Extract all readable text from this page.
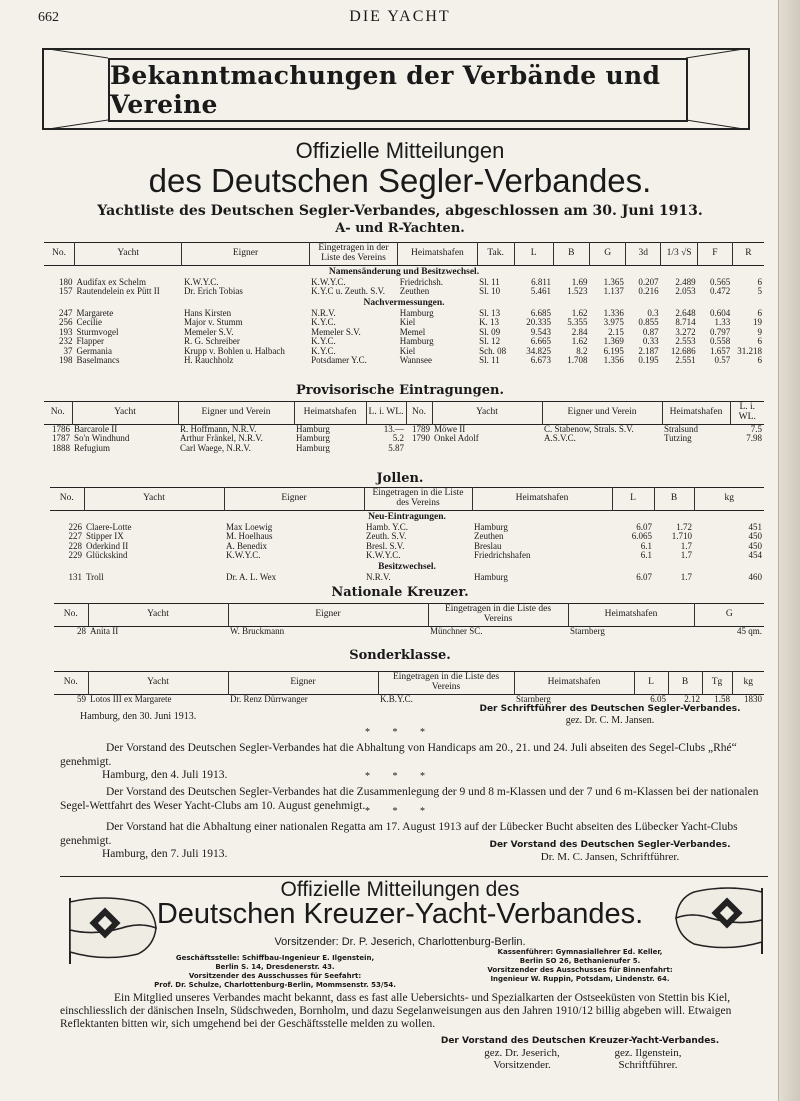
662	DIE YACHT
Bekanntmachungen der Verbände und Vereine
Offizielle Mitteilungen
des Deutschen Segler-Verbandes.
Yachtliste des Deutschen Segler-Verbandes, abgeschlossen am 30. Juni 1913.
A- und R-Yachten.
No.	Yacht	Eigner	Eingetragen in der Liste des Vereins	Heimatshafen	Tak.	L	B	G	3d	1/3 √S	F	R
Namensänderung und Besitzwechsel.												
180	Audifax ex Schelm	K.W.Y.C.	K.W.Y.C.	Friedrichsh.	Sl. 11	6.811	1.69	1.365	0.207	2.489	0.565	6
157	Rautendelein ex Pütt II	Dr. Erich Tobias	K.Y.C u. Zeuth. S.V.	Zeuthen	Sl. 10	5.461	1.523	1.137	0.216	2.053	0.472	5
Nachvermessungen.												
247	Margarete	Hans Kirsten	N.R.V.	Hamburg	Sl. 13	6.685	1.62	1.336	0.3	2.648	0.604	6
256	Cecilie	Major v. Stumm	K.Y.C.	Kiel	K. 13	20.335	5.355	3.975	0.855	8.714	1.33	19
193	Sturmvogel	Memeler S.V.	Memeler S.V.	Memel	Sl. 09	9.543	2.84	2.15	0.87	3.272	0.797	9
232	Flapper	R. G. Schreiber	K.Y.C.	Hamburg	Sl. 12	6.665	1.62	1.369	0.33	2.553	0.558	6
37	Germania	Krupp v. Bohlen u. Halbach	K.Y.C.	Kiel	Sch. 08	34.825	8.2	6.195	2.187	12.686	1.657	31.218
198	Baselmancs	H. Rauchholz	Potsdamer Y.C.	Wannsee	Sl. 11	6.673	1.708	1.356	0.195	2.551	0.57	6
Provisorische Eintragungen.
No.	Yacht	Eigner und Verein	Heimatshafen	L. i. WL.	No.	Yacht	Eigner und Verein	Heimatshafen	L. i. WL.
1786	Barcarole II	R. Hoffmann, N.R.V.	Hamburg	13.—	1789	Möwe II	C. Stabenow, Strals. S.V.	Stralsund	7.5
1787	So'n Windhund	Arthur Fränkel, N.R.V.	Hamburg	5.2	1790	Onkel Adolf	A.S.V.C.	Tutzing	7.98
1888	Refugium	Carl Waege, N.R.V.	Hamburg	5.87					
Jollen.
No.	Yacht	Eigner	Eingetragen in die Liste des Vereins	Heimatshafen	L	B	kg
Neu-Eintragungen.							
226	Claere-Lotte	Max Loewig	Hamb. Y.C.	Hamburg	6.07	1.72	451
227	Stipper IX	M. Hoelhaus	Zeuth. S.V.	Zeuthen	6.065	1.710	450
228	Oderkind II	A. Benedix	Bresl. S.V.	Breslau	6.1	1.7	450
229	Glückskind	K.W.Y.C.	K.W.Y.C.	Friedrichshafen	6.1	1.7	454
Besitzwechsel.							
131	Troll	Dr. A. L. Wex	N.R.V.	Hamburg	6.07	1.7	460
Nationale Kreuzer.
No.	Yacht	Eigner	Eingetragen in die Liste des Vereins	Heimatshafen	G
28	Anita II	W. Bruckmann	Münchner SC.	Starnberg	45 qm.
Sonderklasse.
No.	Yacht	Eigner	Eingetragen in die Liste des Vereins	Heimatshafen	L	B	Tg	kg
59	Lotos III ex Margarete	Dr. Renz Dürrwanger	K.B.Y.C.	Starnberg	6.05	2.12	1.58	1830
Hamburg, den 30. Juni 1913.
Der Schriftführer des Deutschen Segler-Verbandes.
gez. Dr. C. M. Jansen.
* * *
Der Vorstand des Deutschen Segler-Verbandes hat die Abhaltung von Handicaps am 20., 21. und 24. Juli abseiten des Segel-Clubs „Rhé“ genehmigt.
Hamburg, den 4. Juli 1913.	* * *
Der Vorstand des Deutschen Segler-Verbandes hat die Zusammenlegung der 9 und 8 m-Klassen und der 7 und 6 m-Klassen bei der nationalen Segel-Wettfahrt des Weser Yacht-Clubs am 10. August genehmigt. * * *
Der Vorstand hat die Abhaltung einer nationalen Regatta am 17. August 1913 auf der Lübecker Bucht abseiten des Lübecker Yacht-Clubs genehmigt.
Hamburg, den 7. Juli 1913.
Der Vorstand des Deutschen Segler-Verbandes.
Dr. M. C. Jansen, Schriftführer.
Offizielle Mitteilungen des
Deutschen Kreuzer-Yacht-Verbandes.
Vorsitzender: Dr. P. Jeserich, Charlottenburg-Berlin.
Geschäftsstelle: Schiffbau-Ingenieur E. Ilgenstein,
Berlin S. 14, Dresdenerstr. 43.
Vorsitzender des Ausschusses für Seefahrt:
Prof. Dr. Schulze, Charlottenburg-Berlin, Mommsenstr. 53/54.
Kassenführer: Gymnasiallehrer Ed. Keller,
Berlin SO 26, Bethanienufer 5.
Vorsitzender des Ausschusses für Binnenfahrt:
Ingenieur W. Ruppin, Potsdam, Lindenstr. 64.
Ein Mitglied unseres Verbandes macht bekannt, dass es fast alle Uebersichts- und Spezialkarten der Ostseeküsten von Stettin bis Kiel, einschliesslich der dänischen Inseln, Südschweden, Bornholm, und dazu Segelanweisungen aus den Jahren 1910/12 billig abgeben will. Etwaigen Reflektanten bitten wir, sich umgehend bei der Geschäftsstelle melden zu wollen.
Der Vorstand des Deutschen Kreuzer-Yacht-Verbandes.
gez. Dr. Jeserich,
Vorsitzender.
gez. Ilgenstein,
Schriftführer.
